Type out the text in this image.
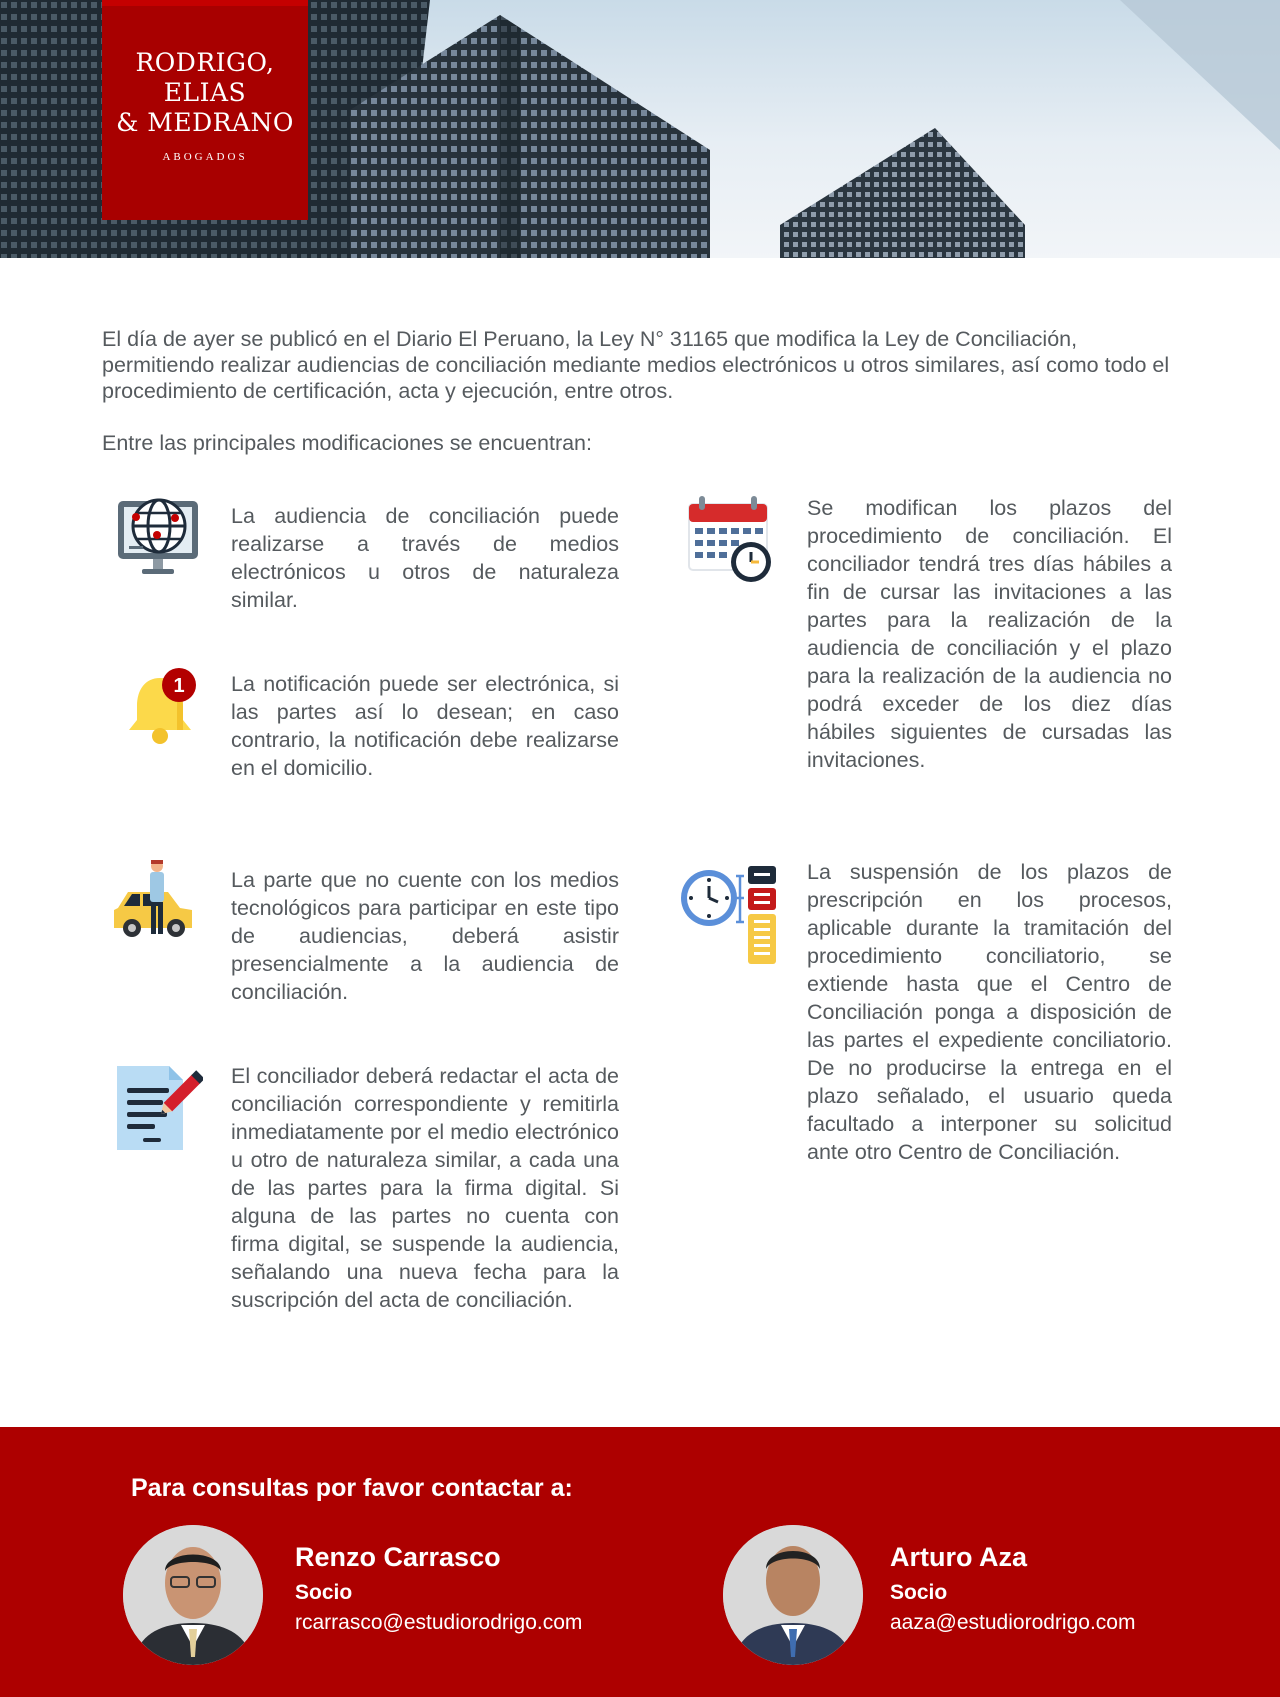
RODRIGO,
ELIAS
& MEDRANO
ABOGADOS

El día de ayer se publicó en el Diario El Peruano, la Ley N° 31165 que modifica la Ley de Conciliación, permitiendo realizar audiencias de conciliación mediante medios electrónicos u otros similares, así como todo el procedimiento de certificación, acta y ejecución, entre otros.

Entre las principales modificaciones se encuentran:

La audiencia de conciliación puede realizarse a través de medios electrónicos u otros de naturaleza similar.

1 La notificación puede ser electrónica, si las partes así lo desean; en caso contrario, la notificación debe realizarse en el domicilio.

La parte que no cuente con los medios tecnológicos para participar en este tipo de audiencias, deberá asistir presencialmente a la audiencia de conciliación.

El conciliador deberá redactar el acta de conciliación correspondiente y remitirla inmediatamente por el medio electrónico u otro de naturaleza similar, a cada una de las partes para la firma digital. Si alguna de las partes no cuenta con firma digital, se suspende la audiencia, señalando una nueva fecha para la suscripción del acta de conciliación.

Se modifican los plazos del procedimiento de conciliación. El conciliador tendrá tres días hábiles a fin de cursar las invitaciones a las partes para la realización de la audiencia de conciliación y el plazo para la realización de la audiencia no podrá exceder de los diez días hábiles siguientes de cursadas las invitaciones.

La suspensión de los plazos de prescripción en los procesos, aplicable durante la tramitación del procedimiento conciliatorio, se extiende hasta que el Centro de Conciliación ponga a disposición de las partes el expediente conciliatorio. De no producirse la entrega en el plazo señalado, el usuario queda facultado a interponer su solicitud ante otro Centro de Conciliación.

Para consultas por favor contactar a:
Renzo Carrasco
Socio
rcarrasco@estudiorodrigo.com
Arturo Aza
Socio
aaza@estudiorodrigo.com
